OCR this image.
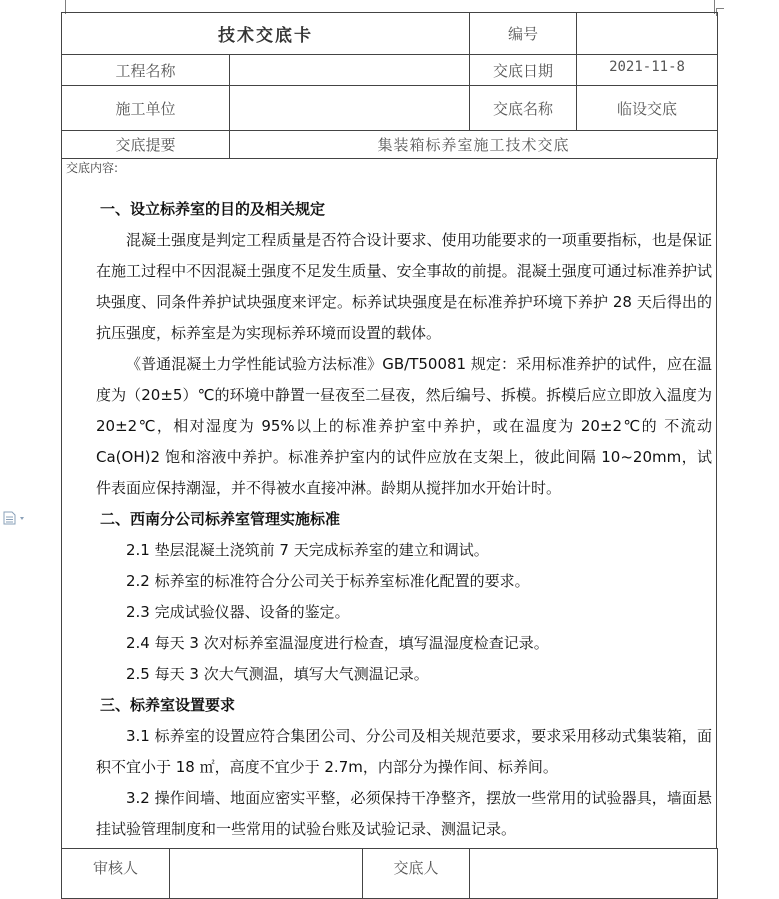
技术交底卡		编号	
工程名称		交底日期	2021-11-8
施工单位		交底名称	临设交底
交底提要	集装箱标养室施工技术交底		
交底内容:
一、设立标养室的目的及相关规定

混凝土强度是判定工程质量是否符合设计要求、使用功能要求的一项重要指标，也是保证在施工过程中不因混凝土强度不足发生质量、安全事故的前提。混凝土强度可通过标准养护试块强度、同条件养护试块强度来评定。标养试块强度是在标准养护环境下养护 28 天后得出的抗压强度，标养室是为实现标养环境而设置的载体。

《普通混凝土力学性能试验方法标准》GB/T50081 规定：采用标准养护的试件，应在温度为（20±5）℃的环境中静置一昼夜至二昼夜，然后编号、拆模。拆模后应立即放入温度为 20±2℃，相对湿度为 95%以上的标准养护室中养护，或在温度为 20±2℃的 不流动 Ca(OH)2 饱和溶液中养护。标准养护室内的试件应放在支架上，彼此间隔 10~20mm，试件表面应保持潮湿，并不得被水直接冲淋。龄期从搅拌加水开始计时。

二、西南分公司标养室管理实施标准

2.1 垫层混凝土浇筑前 7 天完成标养室的建立和调试。

2.2 标养室的标准符合分公司关于标养室标准化配置的要求。

2.3 完成试验仪器、设备的鉴定。

2.4 每天 3 次对标养室温湿度进行检查，填写温湿度检查记录。

2.5 每天 3 次大气测温，填写大气测温记录。

三、标养室设置要求

3.1 标养室的设置应符合集团公司、分公司及相关规范要求，要求采用移动式集装箱，面积不宜小于 18 ㎡，高度不宜少于 2.7m，内部分为操作间、标养间。

3.2 操作间墙、地面应密实平整，必须保持干净整齐，摆放一些常用的试验器具，墙面悬挂试验管理制度和一些常用的试验台账及试验记录、测温记录。

审核人		交底人	
